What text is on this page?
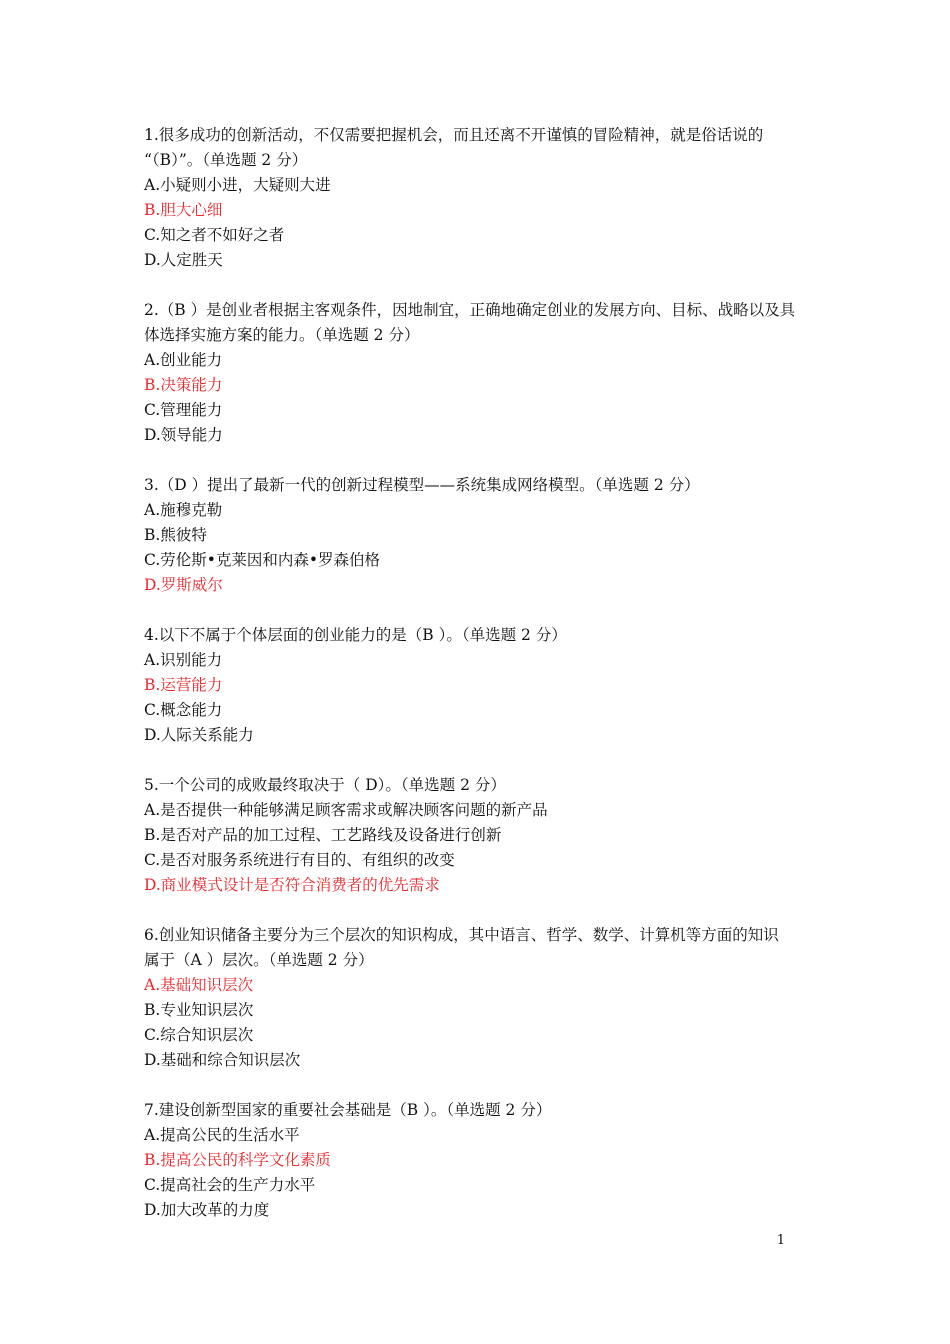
1.很多成功的创新活动，不仅需要把握机会，而且还离不开谨慎的冒险精神，就是俗话说的
“（B）”。（单选题 2 分）
A.小疑则小进，大疑则大进
B.胆大心细
C.知之者不如好之者
D.人定胜天
2.（B ）是创业者根据主客观条件，因地制宜，正确地确定创业的发展方向、目标、战略以及具
体选择实施方案的能力。（单选题 2 分）
A.创业能力
B.决策能力
C.管理能力
D.领导能力
3.（D ）提出了最新一代的创新过程模型——系统集成网络模型。（单选题 2 分）
A.施穆克勒
B.熊彼特
C.劳伦斯•克莱因和内森•罗森伯格
D.罗斯威尔
4.以下不属于个体层面的创业能力的是（B ）。（单选题 2 分）
A.识别能力
B.运营能力
C.概念能力
D.人际关系能力
5.一个公司的成败最终取决于（ D）。（单选题 2 分）
A.是否提供一种能够满足顾客需求或解决顾客问题的新产品
B.是否对产品的加工过程、工艺路线及设备进行创新
C.是否对服务系统进行有目的、有组织的改变
D.商业模式设计是否符合消费者的优先需求
6.创业知识储备主要分为三个层次的知识构成，其中语言、哲学、数学、计算机等方面的知识
属于（A ）层次。（单选题 2 分）
A.基础知识层次
B.专业知识层次
C.综合知识层次
D.基础和综合知识层次
7.建设创新型国家的重要社会基础是（B ）。（单选题 2 分）
A.提高公民的生活水平
B.提高公民的科学文化素质
C.提高社会的生产力水平
D.加大改革的力度
1
